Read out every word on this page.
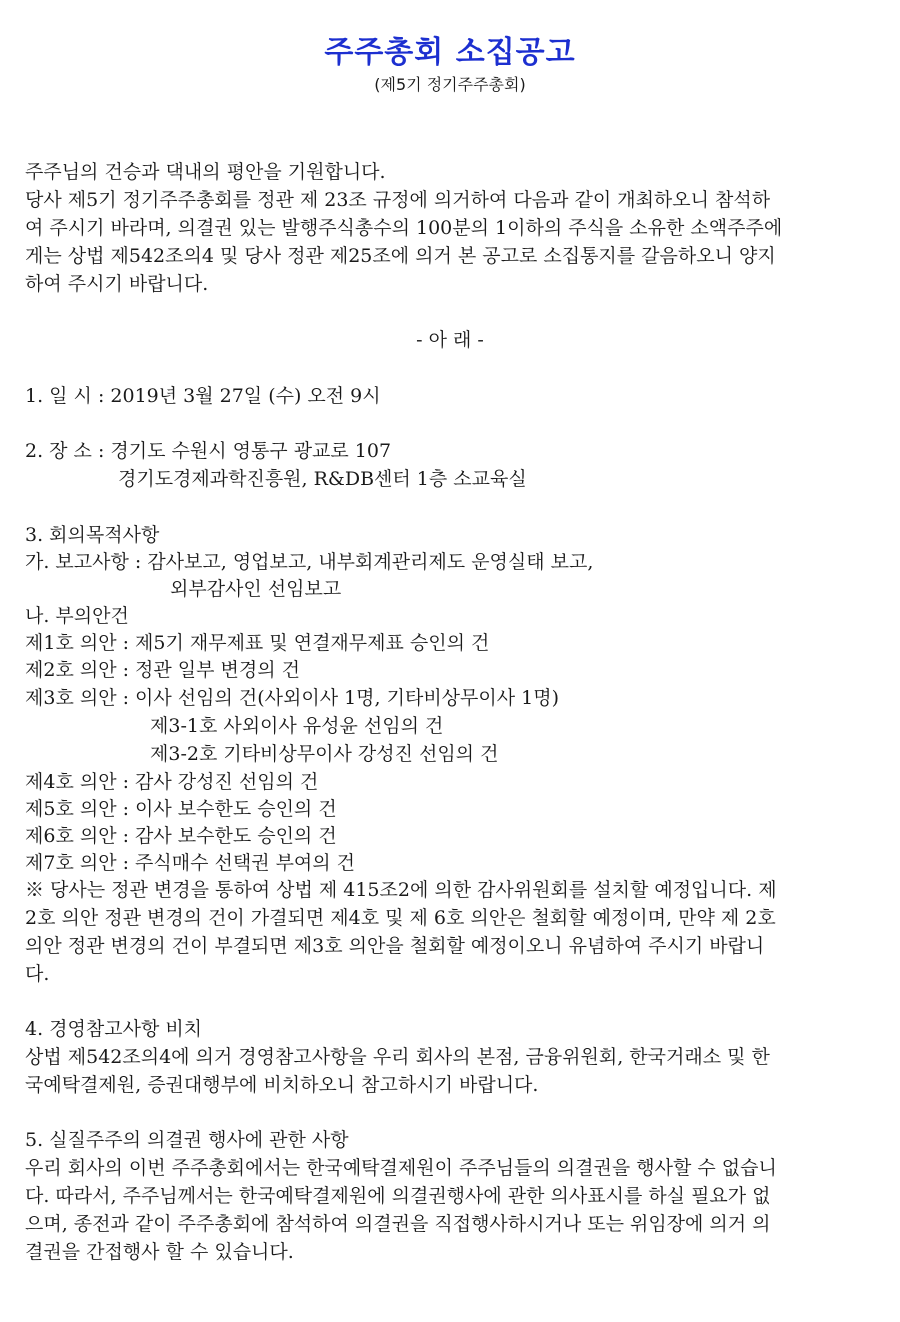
주주총회 소집공고
(제5기 정기주주총회)
주주님의 건승과 댁내의 평안을 기원합니다.
당사 제5기 정기주주총회를 정관 제 23조 규정에 의거하여 다음과 같이 개최하오니 참석하
여 주시기 바라며, 의결권 있는 발행주식총수의 100분의 1이하의 주식을 소유한 소액주주에
게는 상법 제542조의4 및 당사 정관 제25조에 의거 본 공고로 소집통지를 갈음하오니 양지
하여 주시기 바랍니다.
- 아 래 -
1. 일 시 : 2019년 3월 27일 (수) 오전 9시
2. 장 소 : 경기도 수원시 영통구 광교로 107
경기도경제과학진흥원, R&DB센터 1층 소교육실
3. 회의목적사항
가. 보고사항 : 감사보고, 영업보고, 내부회계관리제도 운영실태 보고,
외부감사인 선임보고
나. 부의안건
제1호 의안 : 제5기 재무제표 및 연결재무제표 승인의 건
제2호 의안 : 정관 일부 변경의 건
제3호 의안 : 이사 선임의 건(사외이사 1명, 기타비상무이사 1명)
제3-1호 사외이사 유성윤 선임의 건
제3-2호 기타비상무이사 강성진 선임의 건
제4호 의안 : 감사 강성진 선임의 건
제5호 의안 : 이사 보수한도 승인의 건
제6호 의안 : 감사 보수한도 승인의 건
제7호 의안 : 주식매수 선택권 부여의 건
※ 당사는 정관 변경을 통하여 상법 제 415조2에 의한 감사위원회를 설치할 예정입니다. 제
2호 의안 정관 변경의 건이 가결되면 제4호 및 제 6호 의안은 철회할 예정이며, 만약 제 2호
의안 정관 변경의 건이 부결되면 제3호 의안을 철회할 예정이오니 유념하여 주시기 바랍니
다.
4. 경영참고사항 비치
상법 제542조의4에 의거 경영참고사항을 우리 회사의 본점, 금융위원회, 한국거래소 및 한
국예탁결제원, 증권대행부에 비치하오니 참고하시기 바랍니다.
5. 실질주주의 의결권 행사에 관한 사항
우리 회사의 이번 주주총회에서는 한국예탁결제원이 주주님들의 의결권을 행사할 수 없습니
다. 따라서, 주주님께서는 한국예탁결제원에 의결권행사에 관한 의사표시를 하실 필요가 없
으며, 종전과 같이 주주총회에 참석하여 의결권을 직접행사하시거나 또는 위임장에 의거 의
결권을 간접행사 할 수 있습니다.
